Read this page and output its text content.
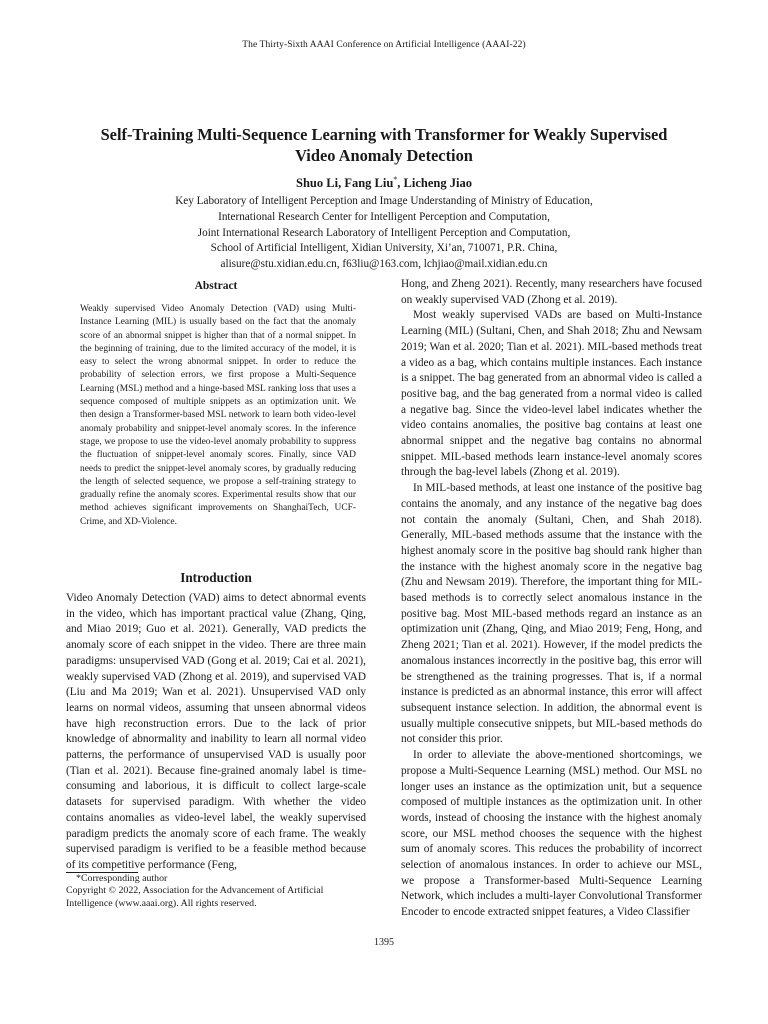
The Thirty-Sixth AAAI Conference on Artificial Intelligence (AAAI-22)
Self-Training Multi-Sequence Learning with Transformer for Weakly Supervised
Video Anomaly Detection
Shuo Li, Fang Liu*, Licheng Jiao
Key Laboratory of Intelligent Perception and Image Understanding of Ministry of Education,
International Research Center for Intelligent Perception and Computation,
Joint International Research Laboratory of Intelligent Perception and Computation,
School of Artificial Intelligent, Xidian University, Xi’an, 710071, P.R. China,
alisure@stu.xidian.edu.cn, f63liu@163.com, lchjiao@mail.xidian.edu.cn
Abstract

Weakly supervised Video Anomaly Detection (VAD) using Multi-Instance Learning (MIL) is usually based on the fact that the anomaly score of an abnormal snippet is higher than that of a normal snippet. In the beginning of training, due to the limited accuracy of the model, it is easy to select the wrong abnormal snippet. In order to reduce the probability of selection errors, we first propose a Multi-Sequence Learning (MSL) method and a hinge-based MSL ranking loss that uses a sequence composed of multiple snippets as an optimization unit. We then design a Transformer-based MSL network to learn both video-level anomaly probability and snippet-level anomaly scores. In the inference stage, we propose to use the video-level anomaly probability to suppress the fluctuation of snippet-level anomaly scores. Finally, since VAD needs to predict the snippet-level anomaly scores, by gradually reducing the length of selected sequence, we propose a self-training strategy to gradually refine the anomaly scores. Experimental results show that our method achieves significant improvements on ShanghaiTech, UCF-Crime, and XD-Violence.

Introduction

Video Anomaly Detection (VAD) aims to detect abnormal events in the video, which has important practical value (Zhang, Qing, and Miao 2019; Guo et al. 2021). Generally, VAD predicts the anomaly score of each snippet in the video. There are three main paradigms: unsupervised VAD (Gong et al. 2019; Cai et al. 2021), weakly supervised VAD (Zhong et al. 2019), and supervised VAD (Liu and Ma 2019; Wan et al. 2021). Unsupervised VAD only learns on normal videos, assuming that unseen abnormal videos have high reconstruction errors. Due to the lack of prior knowledge of abnormality and inability to learn all normal video patterns, the performance of unsupervised VAD is usually poor (Tian et al. 2021). Because fine-grained anomaly label is time-consuming and laborious, it is difficult to collect large-scale datasets for supervised paradigm. With whether the video contains anomalies as video-level label, the weakly supervised paradigm predicts the anomaly score of each frame. The weakly supervised paradigm is verified to be a feasible method because of its competitive performance (Feng,

Hong, and Zheng 2021). Recently, many researchers have focused on weakly supervised VAD (Zhong et al. 2019).

Most weakly supervised VADs are based on Multi-Instance Learning (MIL) (Sultani, Chen, and Shah 2018; Zhu and Newsam 2019; Wan et al. 2020; Tian et al. 2021). MIL-based methods treat a video as a bag, which contains multiple instances. Each instance is a snippet. The bag generated from an abnormal video is called a positive bag, and the bag generated from a normal video is called a negative bag. Since the video-level label indicates whether the video contains anomalies, the positive bag contains at least one abnormal snippet and the negative bag contains no abnormal snippet. MIL-based methods learn instance-level anomaly scores through the bag-level labels (Zhong et al. 2019).

In MIL-based methods, at least one instance of the positive bag contains the anomaly, and any instance of the negative bag does not contain the anomaly (Sultani, Chen, and Shah 2018). Generally, MIL-based methods assume that the instance with the highest anomaly score in the positive bag should rank higher than the instance with the highest anomaly score in the negative bag (Zhu and Newsam 2019). Therefore, the important thing for MIL-based methods is to correctly select anomalous instance in the positive bag. Most MIL-based methods regard an instance as an optimization unit (Zhang, Qing, and Miao 2019; Feng, Hong, and Zheng 2021; Tian et al. 2021). However, if the model predicts the anomalous instances incorrectly in the positive bag, this error will be strengthened as the training progresses. That is, if a normal instance is predicted as an abnormal instance, this error will affect subsequent instance selection. In addition, the abnormal event is usually multiple consecutive snippets, but MIL-based methods do not consider this prior.

In order to alleviate the above-mentioned shortcomings, we propose a Multi-Sequence Learning (MSL) method. Our MSL no longer uses an instance as the optimization unit, but a sequence composed of multiple instances as the optimization unit. In other words, instead of choosing the instance with the highest anomaly score, our MSL method chooses the sequence with the highest sum of anomaly scores. This reduces the probability of incorrect selection of anomalous instances. In order to achieve our MSL, we propose a Transformer-based Multi-Sequence Learning Network, which includes a multi-layer Convolutional Transformer Encoder to encode extracted snippet features, a Video Classifier

*Corresponding author
Copyright © 2022, Association for the Advancement of Artificial
Intelligence (www.aaai.org). All rights reserved.
1395
